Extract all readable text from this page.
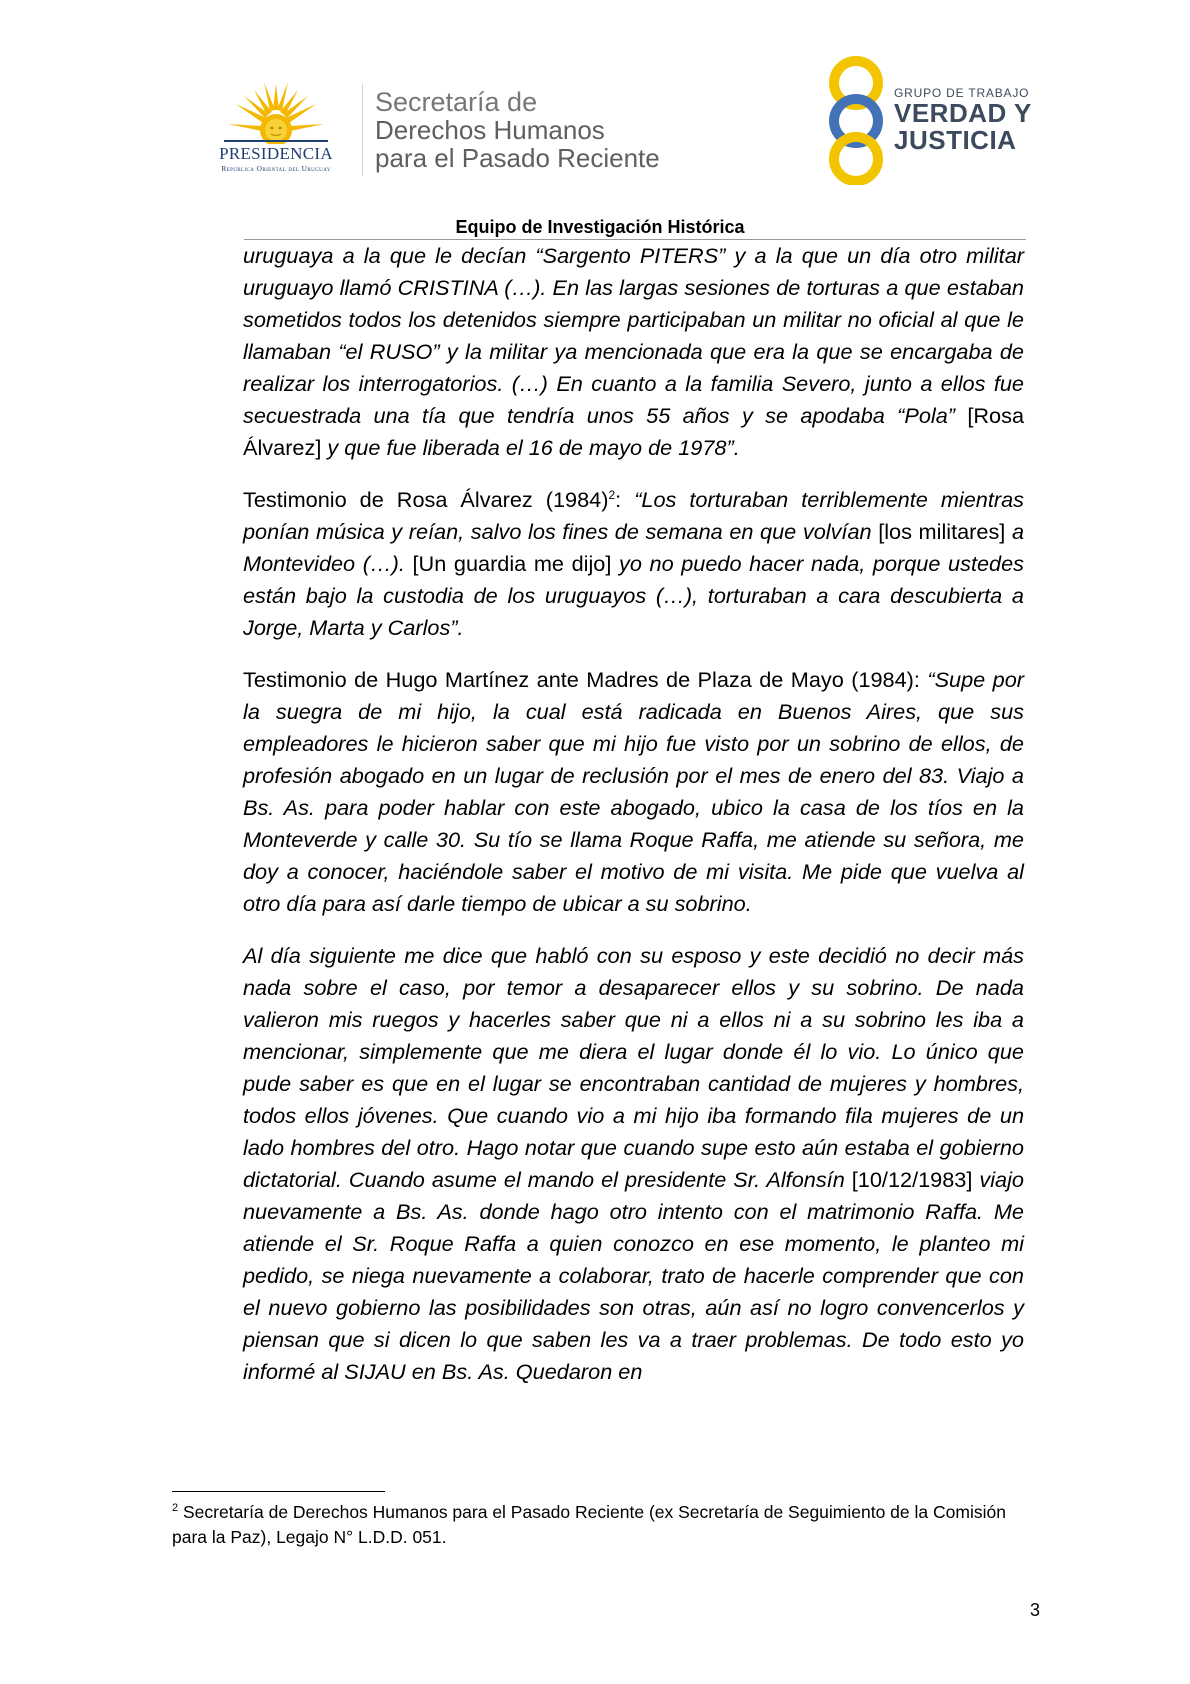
PRESIDENCIA
República Oriental del Uruguay
Secretaría de
Derechos Humanos
para el Pasado Reciente
GRUPO DE TRABAJO
VERDAD Y
JUSTICIA
Equipo de Investigación Histórica

uruguaya a la que le decían “Sargento PITERS” y a la que un día otro militar uruguayo llamó CRISTINA (…). En las largas sesiones de torturas a que estaban sometidos todos los detenidos siempre participaban un militar no oficial al que le llamaban “el RUSO” y la militar ya mencionada que era la que se encargaba de realizar los interrogatorios. (…) En cuanto a la familia Severo, junto a ellos fue secuestrada una tía que tendría unos 55 años y se apodaba “Pola” [Rosa Álvarez] y que fue liberada el 16 de mayo de 1978”.

Testimonio de Rosa Álvarez (1984)$^2$: “Los torturaban terriblemente mientras ponían música y reían, salvo los fines de semana en que volvían [los militares] a Montevideo (…). [Un guardia me dijo] yo no puedo hacer nada, porque ustedes están bajo la custodia de los uruguayos (…), torturaban a cara descubierta a Jorge, Marta y Carlos”.

Testimonio de Hugo Martínez ante Madres de Plaza de Mayo (1984): “Supe por la suegra de mi hijo, la cual está radicada en Buenos Aires, que sus empleadores le hicieron saber que mi hijo fue visto por un sobrino de ellos, de profesión abogado en un lugar de reclusión por el mes de enero del 83. Viajo a Bs. As. para poder hablar con este abogado, ubico la casa de los tíos en la Monteverde y calle 30. Su tío se llama Roque Raffa, me atiende su señora, me doy a conocer, haciéndole saber el motivo de mi visita. Me pide que vuelva al otro día para así darle tiempo de ubicar a su sobrino.

Al día siguiente me dice que habló con su esposo y este decidió no decir más nada sobre el caso, por temor a desaparecer ellos y su sobrino. De nada valieron mis ruegos y hacerles saber que ni a ellos ni a su sobrino les iba a mencionar, simplemente que me diera el lugar donde él lo vio. Lo único que pude saber es que en el lugar se encontraban cantidad de mujeres y hombres, todos ellos jóvenes. Que cuando vio a mi hijo iba formando fila mujeres de un lado hombres del otro. Hago notar que cuando supe esto aún estaba el gobierno dictatorial. Cuando asume el mando el presidente Sr. Alfonsín [10/12/1983] viajo nuevamente a Bs. As. donde hago otro intento con el matrimonio Raffa. Me atiende el Sr. Roque Raffa a quien conozco en ese momento, le planteo mi pedido, se niega nuevamente a colaborar, trato de hacerle comprender que con el nuevo gobierno las posibilidades son otras, aún así no logro convencerlos y piensan que si dicen lo que saben les va a traer problemas. De todo esto yo informé al SIJAU en Bs. As. Quedaron en

$^2$ Secretaría de Derechos Humanos para el Pasado Reciente (ex Secretaría de Seguimiento de la Comisión para la Paz), Legajo N° L.D.D. 051.
3
